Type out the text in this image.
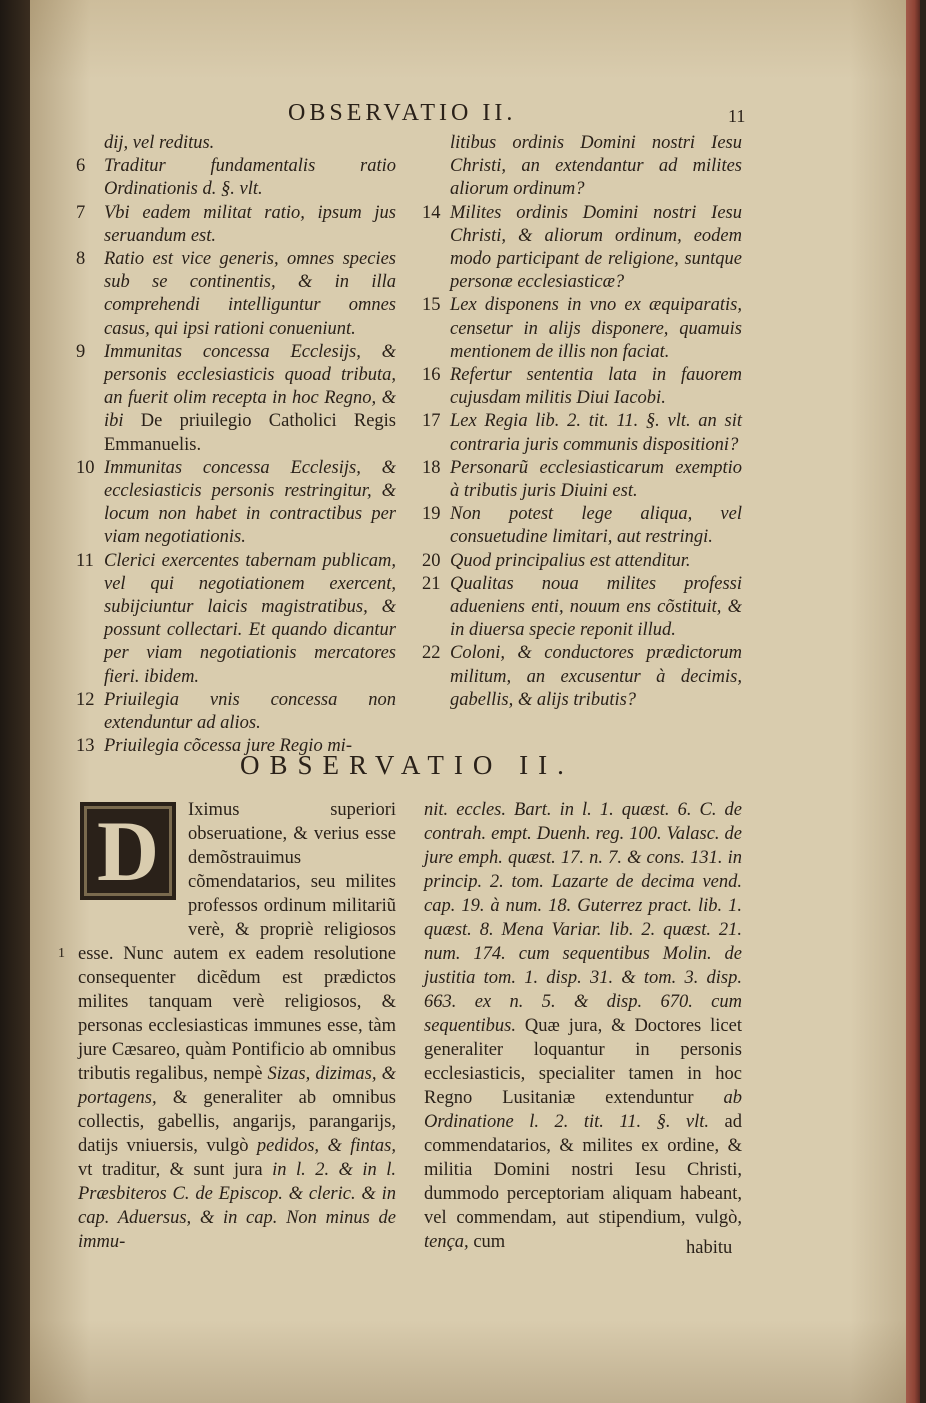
OBSERVATIO II.	11
dij, vel reditus.
6 Traditur fundamentalis ratio Ordinationis d. §. vlt.
7 Vbi eadem militat ratio, ipsum jus seruandum est.
8 Ratio est vice generis, omnes species sub se continentis, & in illa comprehendi intelliguntur omnes casus, qui ipsi rationi conueniunt.
9 Immunitas concessa Ecclesijs, & personis ecclesiasticis quoad tributa, an fuerit olim recepta in hoc Regno, & ibi De priuilegio Catholici Regis Emmanuelis.
10 Immunitas concessa Ecclesijs, & ecclesiasticis personis restringitur, & locum non habet in contractibus per viam negotiationis.
11 Clerici exercentes tabernam publicam, vel qui negotiationem exercent, subijciuntur laicis magistratibus, & possunt collectari. Et quando dicantur per viam negotiationis mercatores fieri. ibidem.
12 Priuilegia vnis concessa non extenduntur ad alios.
13 Priuilegia cõcessa jure Regio mi-
litibus ordinis Domini nostri Iesu Christi, an extendantur ad milites aliorum ordinum?
14 Milites ordinis Domini nostri Iesu Christi, & aliorum ordinum, eodem modo participant de religione, suntque personæ ecclesiasticæ?
15 Lex disponens in vno ex æquiparatis, censetur in alijs disponere, quamuis mentionem de illis non faciat.
16 Refertur sententia lata in fauorem cujusdam militis Diui Iacobi.
17 Lex Regia lib. 2. tit. 11. §. vlt. an sit contraria juris communis dispositioni?
18 Personarũ ecclesiasticarum exemptio à tributis juris Diuini est.
19 Non potest lege aliqua, vel consuetudine limitari, aut restringi.
20 Quod principalius est attenditur.
21 Qualitas noua milites professi adueniens enti, nouum ens cõstituit, & in diuersa specie reponit illud.
22 Coloni, & conductores prædictorum militum, an excusentur à decimis, gabellis, & alijs tributis?
OBSERVATIO II.
1
Iximus superiori obseruatione, & verius esse demõstrauimus cõmendatarios, seu milites professos ordinum militariũ verè, & propriè religiosos esse. Nunc autem ex eadem resolutione consequenter dicẽdum est prædictos milites tanquam verè religiosos, & personas ecclesiasticas immunes esse, tàm jure Cæsareo, quàm Pontificio ab omnibus tributis regalibus, nempè Sizas, dizimas, & portagens, & generaliter ab omnibus collectis, gabellis, angarijs, parangarijs, datijs vniuersis, vulgò pedidos, & fintas, vt traditur, & sunt jura in l. 2. & in l. Præsbiteros C. de Episcop. & cleric. & in cap. Aduersus, & in cap. Non minus de immu-
D	nit. eccles. Bart. in l. 1. quæst. 6. C. de contrah. empt. Duenh. reg. 100. Valasc. de jure emph. quæst. 17. n. 7. & cons. 131. in princip. 2. tom. Lazarte de decima vend. cap. 19. à num. 18. Guterrez pract. lib. 1. quæst. 8. Mena Variar. lib. 2. quæst. 21. num. 174. cum sequentibus Molin. de justitia tom. 1. disp. 31. & tom. 3. disp. 663. ex n. 5. & disp. 670. cum sequentibus. Quæ jura, & Doctores licet generaliter loquantur in personis ecclesiasticis, specialiter tamen in hoc Regno Lusitaniæ extenduntur ab Ordinatione l. 2. tit. 11. §. vlt. ad commendatarios, & milites ex ordine, & militia Domini nostri Iesu Christi, dummodo perceptoriam aliquam habeant, vel commendam, aut stipendium, vulgò, tença, cum	habitu
